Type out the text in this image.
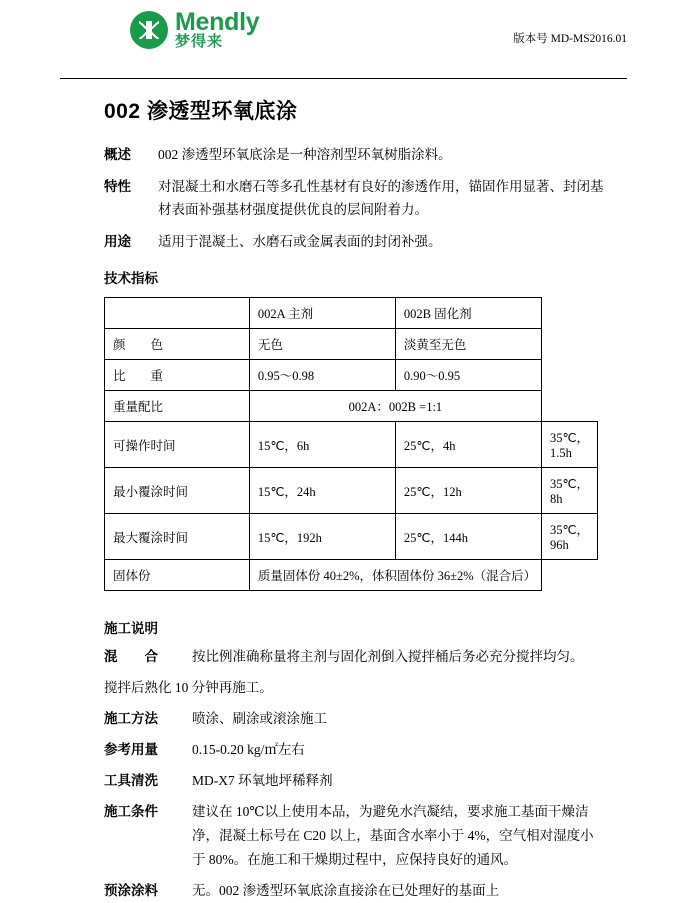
Mendly
梦得来	版本号 MD-MS2016.01
002 渗透型环氧底涂
概述	002 渗透型环氧底涂是一种溶剂型环氧树脂涂料。
特性	对混凝土和水磨石等多孔性基材有良好的渗透作用，锚固作用显著、封闭基材表面补强基材强度提供优良的层间附着力。
用途	适用于混凝土、水磨石或金属表面的封闭补强。
技术指标
	002A 主剂	002B 固化剂	
颜　　色	无色	淡黄至无色	
比　　重	0.95～0.98	0.90～0.95	
重量配比	002A：002B =1:1		
可操作时间	15℃，6h	25℃，4h	35℃，1.5h
最小覆涂时间	15℃，24h	25℃，12h	35℃，8h
最大覆涂时间	15℃，192h	25℃，144h	35℃，96h
固体份	质量固体份 40±2%，体积固体份 36±2%（混合后）		
施工说明
混　　合	按比例准确称量将主剂与固化剂倒入搅拌桶后务必充分搅拌均匀。
搅拌后熟化 10 分钟再施工。
施工方法	喷涂、刷涂或滚涂施工
参考用量	0.15-0.20 kg/㎡左右
工具清洗	MD-X7 环氧地坪稀释剂
施工条件	建议在 10℃以上使用本品，为避免水汽凝结，要求施工基面干燥洁净，混凝土标号在 C20 以上，基面含水率小于 4%，空气相对湿度小于 80%。在施工和干燥期过程中，应保持良好的通风。
预涂涂料	无。002 渗透型环氧底涂直接涂在已处理好的基面上
